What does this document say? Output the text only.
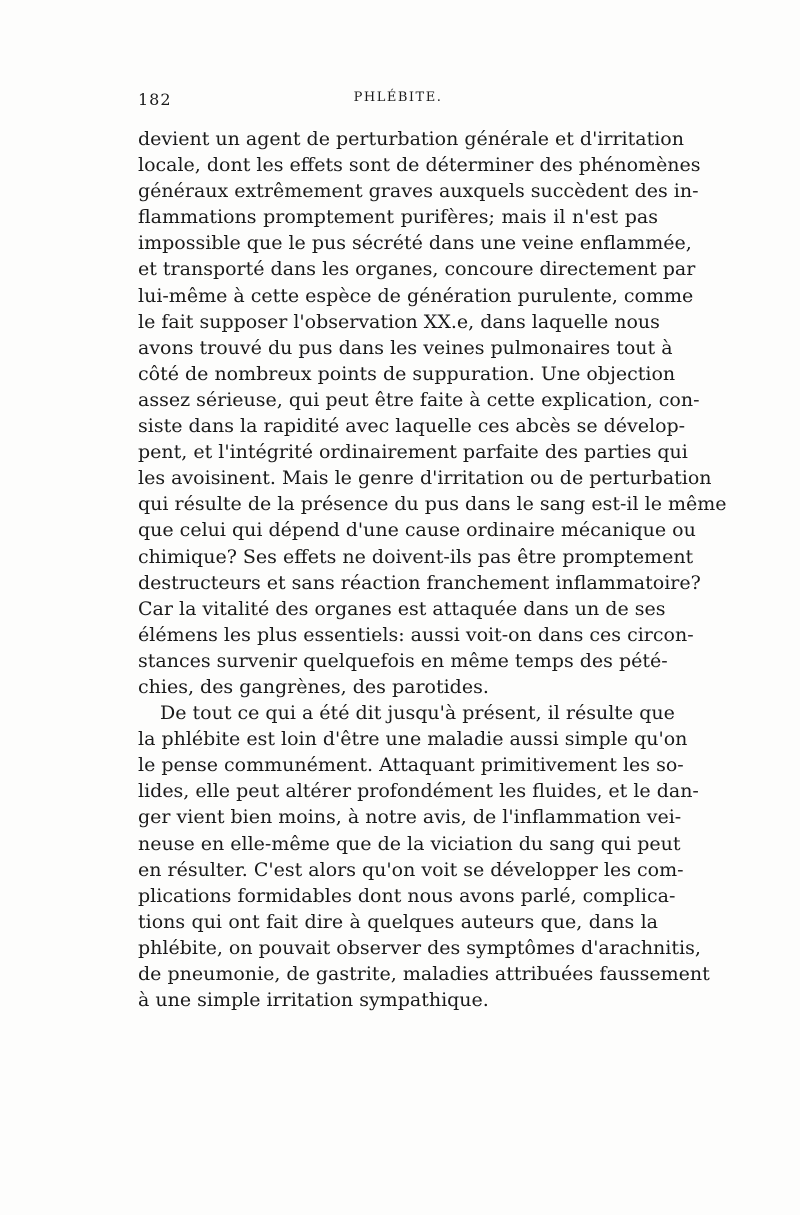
182	PHLÉBITE.
devient un agent de perturbation générale et d'irritation
locale, dont les effets sont de déterminer des phénomènes
généraux extrêmement graves auxquels succèdent des in-
flammations promptement purifères; mais il n'est pas
impossible que le pus sécrété dans une veine enflammée,
et transporté dans les organes, concoure directement par
lui-même à cette espèce de génération purulente, comme
le fait supposer l'observation XX.e, dans laquelle nous
avons trouvé du pus dans les veines pulmonaires tout à
côté de nombreux points de suppuration. Une objection
assez sérieuse, qui peut être faite à cette explication, con-
siste dans la rapidité avec laquelle ces abcès se dévelop-
pent, et l'intégrité ordinairement parfaite des parties qui
les avoisinent. Mais le genre d'irritation ou de perturbation
qui résulte de la présence du pus dans le sang est-il le même
que celui qui dépend d'une cause ordinaire mécanique ou
chimique? Ses effets ne doivent-ils pas être promptement
destructeurs et sans réaction franchement inflammatoire?
Car la vitalité des organes est attaquée dans un de ses
élémens les plus essentiels: aussi voit-on dans ces circon-
stances survenir quelquefois en même temps des pété-
chies, des gangrènes, des parotides.
De tout ce qui a été dit jusqu'à présent, il résulte que
la phlébite est loin d'être une maladie aussi simple qu'on
le pense communément. Attaquant primitivement les so-
lides, elle peut altérer profondément les fluides, et le dan-
ger vient bien moins, à notre avis, de l'inflammation vei-
neuse en elle-même que de la viciation du sang qui peut
en résulter. C'est alors qu'on voit se développer les com-
plications formidables dont nous avons parlé, complica-
tions qui ont fait dire à quelques auteurs que, dans la
phlébite, on pouvait observer des symptômes d'arachnitis,
de pneumonie, de gastrite, maladies attribuées faussement
à une simple irritation sympathique.
